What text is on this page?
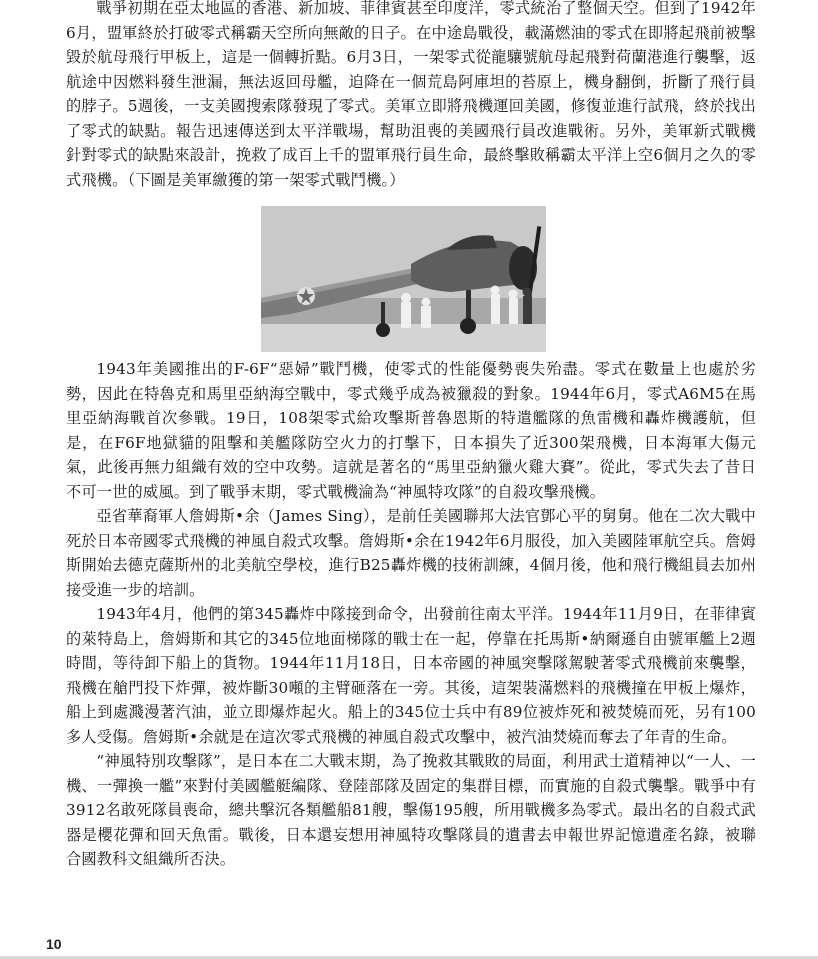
戰爭初期在亞太地區的香港、新加坡、菲律賓甚至印度洋，零式統治了整個天空。但到了1942年6月，盟軍終於打破零式稱霸天空所向無敵的日子。在中途島戰役，載滿燃油的零式在即將起飛前被擊毀於航母飛行甲板上，這是一個轉折點。6月3日，一架零式從龍驤號航母起飛對荷蘭港進行襲擊，返航途中因燃料發生泄漏，無法返回母艦，迫降在一個荒島阿庫坦的苔原上，機身翻倒，折斷了飛行員的脖子。5週後，一支美國搜索隊發現了零式。美軍立即將飛機運回美國，修復並進行試飛，終於找出了零式的缺點。報告迅速傳送到太平洋戰場，幫助沮喪的美國飛行員改進戰術。另外，美軍新式戰機針對零式的缺點來設計，挽救了成百上千的盟軍飛行員生命，最終擊敗稱霸太平洋上空6個月之久的零式飛機。（下圖是美軍繳獲的第一架零式戰鬥機。）

1943年美國推出的F-6F“惡婦”戰鬥機，使零式的性能優勢喪失殆盡。零式在數量上也處於劣勢，因此在特魯克和馬里亞納海空戰中，零式幾乎成為被獵殺的對象。1944年6月，零式A6M5在馬里亞納海戰首次參戰。19日，108架零式給攻擊斯普魯恩斯的特遣艦隊的魚雷機和轟炸機護航，但是，在F6F地獄貓的阻擊和美艦隊防空火力的打擊下，日本損失了近300架飛機，日本海軍大傷元氣，此後再無力組織有效的空中攻勢。這就是著名的“馬里亞納獵火雞大賽”。從此，零式失去了昔日不可一世的威風。到了戰爭末期，零式戰機淪為“神風特攻隊”的自殺攻擊飛機。

亞省華裔軍人詹姆斯•余（James Sing），是前任美國聯邦大法官鄧心平的舅舅。他在二次大戰中死於日本帝國零式飛機的神風自殺式攻擊。詹姆斯•余在1942年6月服役，加入美國陸軍航空兵。詹姆斯開始去德克薩斯州的北美航空學校，進行B25轟炸機的技術訓練，4個月後，他和飛行機組員去加州接受進一步的培訓。

1943年4月，他們的第345轟炸中隊接到命令，出發前往南太平洋。1944年11月9日，在菲律賓的萊特島上，詹姆斯和其它的345位地面梯隊的戰士在一起，停靠在托馬斯•納爾遜自由號軍艦上2週時間，等待卸下船上的貨物。1944年11月18日，日本帝國的神風突擊隊駕駛著零式飛機前來襲擊，飛機在艙門投下炸彈，被炸斷30噸的主臂砸落在一旁。其後，這架裝滿燃料的飛機撞在甲板上爆炸，船上到處濺漫著汽油，並立即爆炸起火。船上的345位士兵中有89位被炸死和被焚燒而死，另有100多人受傷。詹姆斯•余就是在這次零式飛機的神風自殺式攻擊中，被汽油焚燒而奪去了年青的生命。

“神風特別攻擊隊”，是日本在二大戰末期，為了挽救其戰敗的局面，利用武士道精神以“一人、一機、一彈換一艦”來對付美國艦艇編隊、登陸部隊及固定的集群目標，而實施的自殺式襲擊。戰爭中有3912名敢死隊員喪命，總共擊沉各類艦船81艘，擊傷195艘，所用戰機多為零式。最出名的自殺式武器是櫻花彈和回天魚雷。戰後，日本還妄想用神風特攻擊隊員的遺書去申報世界記憶遺產名錄，被聯合國教科文組織所否決。

10
